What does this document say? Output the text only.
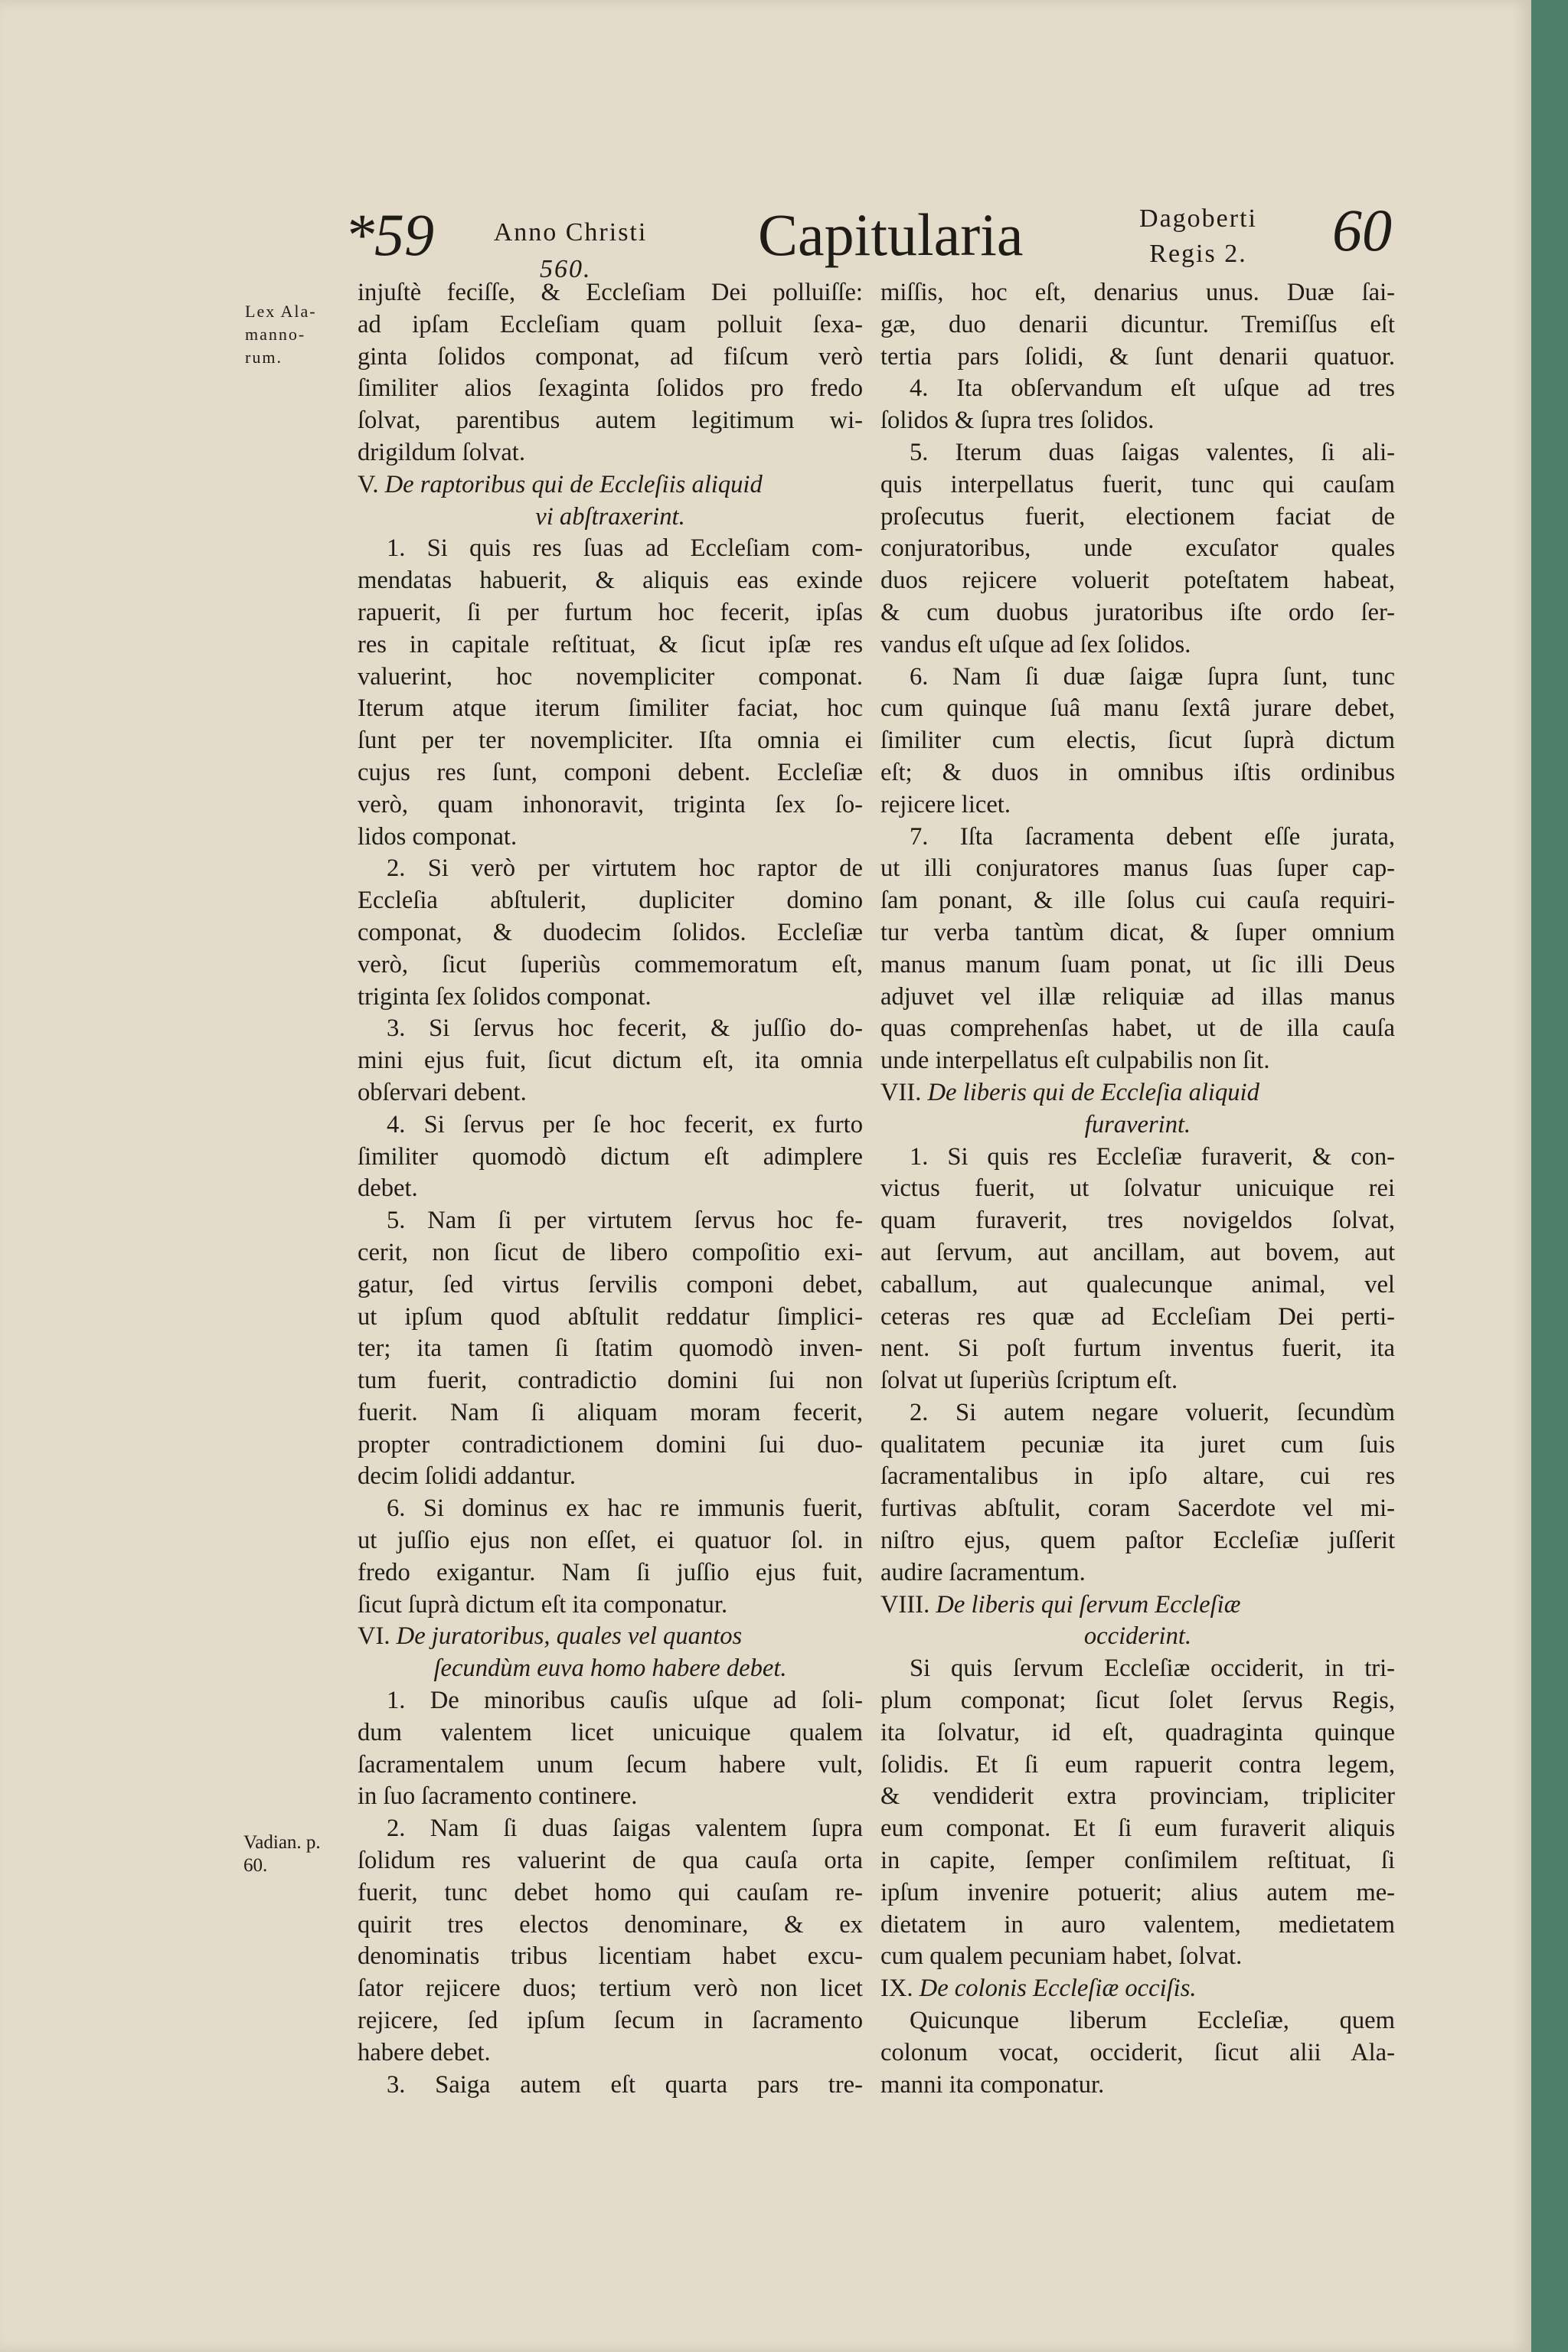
*59	Anno Christi
560.
Capitularia	Dagoberti
Regis 2. 60
Lex Ala-
manno-
rum.
Vadian. p.
60.
injuſtè feciſſe, & Eccleſiam Dei polluiſſe:
ad ipſam Eccleſiam quam polluit ſexa-
ginta ſolidos componat, ad fiſcum verò
ſimiliter alios ſexaginta ſolidos pro fredo
ſolvat, parentibus autem legitimum wi-
drigildum ſolvat.
V. De raptoribus qui de Eccleſiis aliquid
vi abſtraxerint.
1. Si quis res ſuas ad Eccleſiam com-
mendatas habuerit, & aliquis eas exinde
rapuerit, ſi per furtum hoc fecerit, ipſas
res in capitale reſtituat, & ſicut ipſæ res
valuerint, hoc novempliciter componat.
Iterum atque iterum ſimiliter faciat, hoc
ſunt per ter novempliciter. Iſta omnia ei
cujus res ſunt, componi debent. Eccleſiæ
verò, quam inhonoravit, triginta ſex ſo-
lidos componat.
2. Si verò per virtutem hoc raptor de
Eccleſia abſtulerit, dupliciter domino
componat, & duodecim ſolidos. Eccleſiæ
verò, ſicut ſuperiùs commemoratum eſt,
triginta ſex ſolidos componat.
3. Si ſervus hoc fecerit, & juſſio do-
mini ejus fuit, ſicut dictum eſt, ita omnia
obſervari debent.
4. Si ſervus per ſe hoc fecerit, ex furto
ſimiliter quomodò dictum eſt adimplere
debet.
5. Nam ſi per virtutem ſervus hoc fe-
cerit, non ſicut de libero compoſitio exi-
gatur, ſed virtus ſervilis componi debet,
ut ipſum quod abſtulit reddatur ſimplici-
ter; ita tamen ſi ſtatim quomodò inven-
tum fuerit, contradictio domini ſui non
fuerit. Nam ſi aliquam moram fecerit,
propter contradictionem domini ſui duo-
decim ſolidi addantur.
6. Si dominus ex hac re immunis fuerit,
ut juſſio ejus non eſſet, ei quatuor ſol. in
fredo exigantur. Nam ſi juſſio ejus fuit,
ſicut ſuprà dictum eſt ita componatur.
VI. De juratoribus, quales vel quantos
ſecundùm euva homo habere debet.
1. De minoribus cauſis uſque ad ſoli-
dum valentem licet unicuique qualem
ſacramentalem unum ſecum habere vult,
in ſuo ſacramento continere.
2. Nam ſi duas ſaigas valentem ſupra
ſolidum res valuerint de qua cauſa orta
fuerit, tunc debet homo qui cauſam re-
quirit tres electos denominare, & ex
denominatis tribus licentiam habet excu-
ſator rejicere duos; tertium verò non licet
rejicere, ſed ipſum ſecum in ſacramento
habere debet.
3. Saiga autem eſt quarta pars tre-
miſſis, hoc eſt, denarius unus. Duæ ſai-
gæ, duo denarii dicuntur. Tremiſſus eſt
tertia pars ſolidi, & ſunt denarii quatuor.
4. Ita obſervandum eſt uſque ad tres
ſolidos & ſupra tres ſolidos.
5. Iterum duas ſaigas valentes, ſi ali-
quis interpellatus fuerit, tunc qui cauſam
proſecutus fuerit, electionem faciat de
conjuratoribus, unde excuſator quales
duos rejicere voluerit poteſtatem habeat,
& cum duobus juratoribus iſte ordo ſer-
vandus eſt uſque ad ſex ſolidos.
6. Nam ſi duæ ſaigæ ſupra ſunt, tunc
cum quinque ſuâ manu ſextâ jurare debet,
ſimiliter cum electis, ſicut ſuprà dictum
eſt; & duos in omnibus iſtis ordinibus
rejicere licet.
7. Iſta ſacramenta debent eſſe jurata,
ut illi conjuratores manus ſuas ſuper cap-
ſam ponant, & ille ſolus cui cauſa requiri-
tur verba tantùm dicat, & ſuper omnium
manus manum ſuam ponat, ut ſic illi Deus
adjuvet vel illæ reliquiæ ad illas manus
quas comprehenſas habet, ut de illa cauſa
unde interpellatus eſt culpabilis non ſit.
VII. De liberis qui de Eccleſia aliquid
furaverint.
1. Si quis res Eccleſiæ furaverit, & con-
victus fuerit, ut ſolvatur unicuique rei
quam furaverit, tres novigeldos ſolvat,
aut ſervum, aut ancillam, aut bovem, aut
caballum, aut qualecunque animal, vel
ceteras res quæ ad Eccleſiam Dei perti-
nent. Si poſt furtum inventus fuerit, ita
ſolvat ut ſuperiùs ſcriptum eſt.
2. Si autem negare voluerit, ſecundùm
qualitatem pecuniæ ita juret cum ſuis
ſacramentalibus in ipſo altare, cui res
furtivas abſtulit, coram Sacerdote vel mi-
niſtro ejus, quem paſtor Eccleſiæ juſſerit
audire ſacramentum.
VIII. De liberis qui ſervum Eccleſiæ
occiderint.
Si quis ſervum Eccleſiæ occiderit, in tri-
plum componat; ſicut ſolet ſervus Regis,
ita ſolvatur, id eſt, quadraginta quinque
ſolidis. Et ſi eum rapuerit contra legem,
& vendiderit extra provinciam, tripliciter
eum componat. Et ſi eum furaverit aliquis
in capite, ſemper conſimilem reſtituat, ſi
ipſum invenire potuerit; alius autem me-
dietatem in auro valentem, medietatem
cum qualem pecuniam habet, ſolvat.
IX. De colonis Eccleſiæ occiſis.
Quicunque liberum Eccleſiæ, quem
colonum vocat, occiderit, ſicut alii Ala-
manni ita componatur.
